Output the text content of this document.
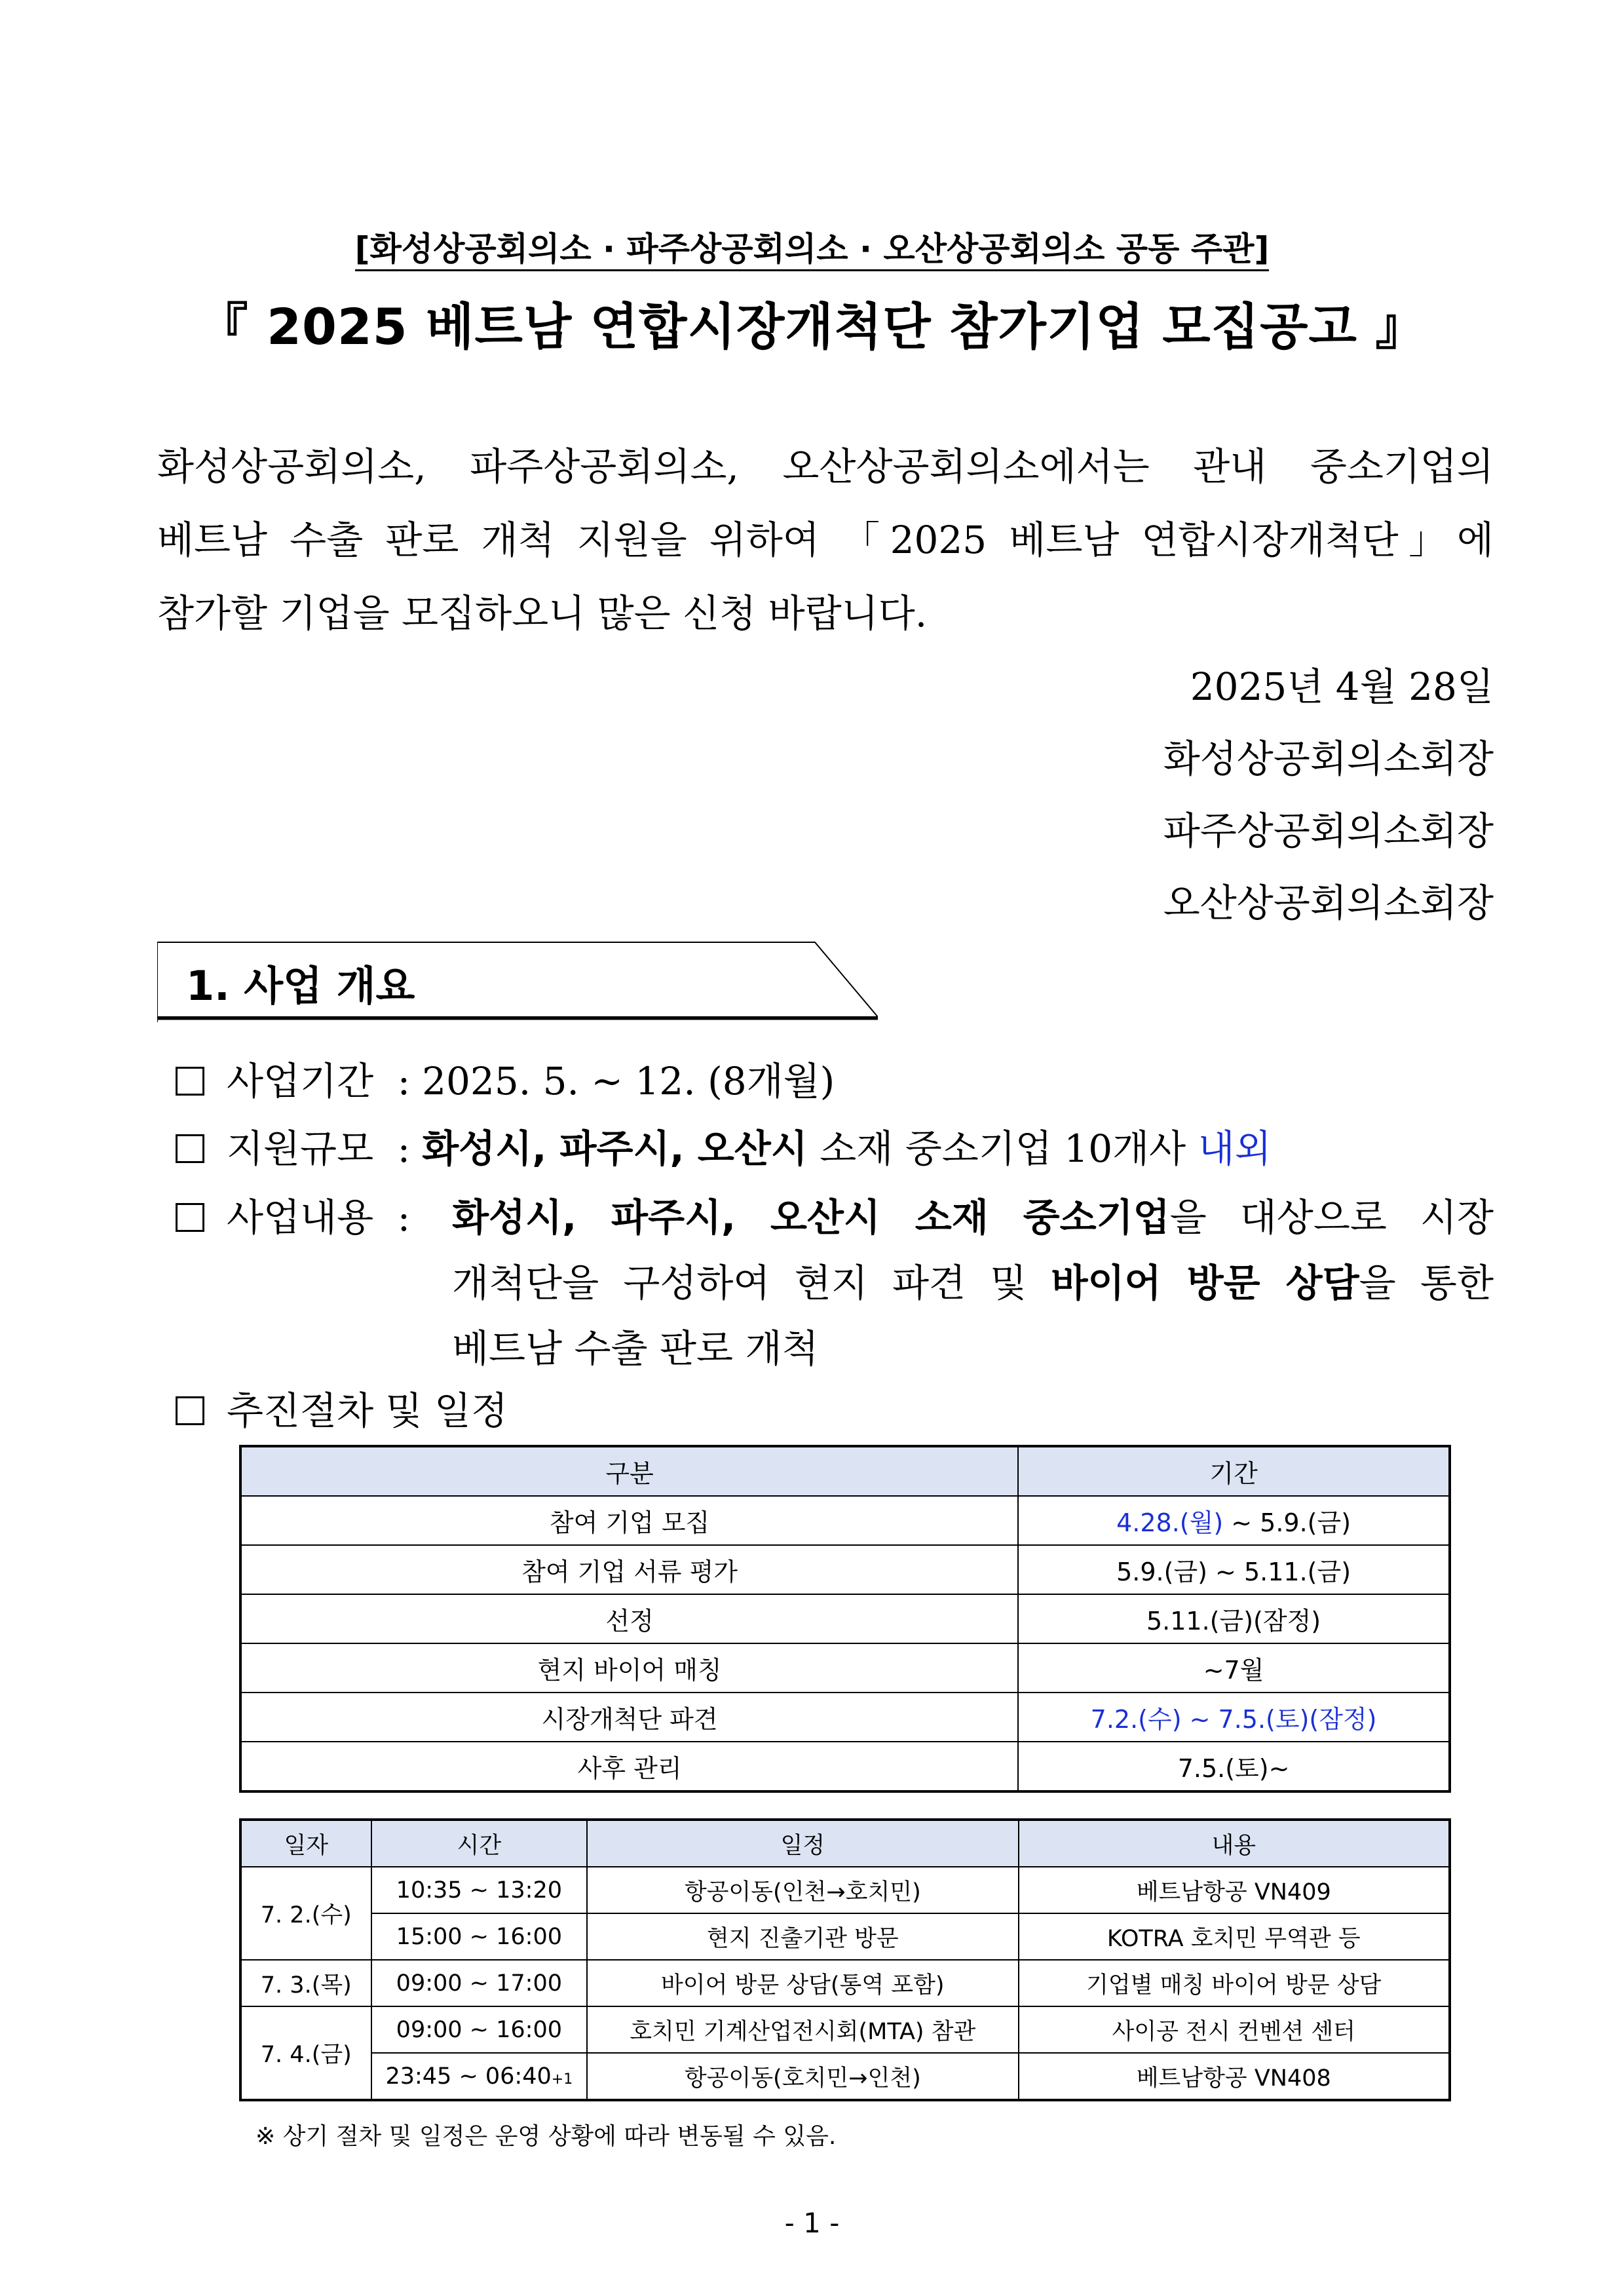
[화성상공회의소 · 파주상공회의소 · 오산상공회의소 공동 주관]
『 2025 베트남 연합시장개척단 참가기업 모집공고 』

화성상공회의소, 파주상공회의소, 오산상공회의소에서는 관내 중소기업의

베트남 수출 판로 개척 지원을 위하여 「2025 베트남 연합시장개척단」에

참가할 기업을 모집하오니 많은 신청 바랍니다.

2025년 4월 28일
화성상공회의소회장
파주상공회의소회장
오산상공회의소회장
1. 사업 개요
사업기간 : 2025. 5. ~ 12. (8개월)
지원규모 : 화성시, 파주시, 오산시 소재 중소기업 10개사 내외
사업내용 :	화성시, 파주시, 오산시 소재 중소기업을 대상으로 시장

개척단을 구성하여 현지 파견 및 바이어 방문 상담을 통한

베트남 수출 판로 개척

추진절차 및 일정
구분	기간
참여 기업 모집	4.28.(월) ~ 5.9.(금)
참여 기업 서류 평가	5.9.(금) ~ 5.11.(금)
선정	5.11.(금)(잠정)
현지 바이어 매칭	~7월
시장개척단 파견	7.2.(수) ~ 7.5.(토)(잠정)
사후 관리	7.5.(토)~
일자	시간	일정	내용
7. 2.(수)	10:35 ~ 13:20	항공이동(인천→호치민)	베트남항공 VN409
	15:00 ~ 16:00	현지 진출기관 방문	KOTRA 호치민 무역관 등
7. 3.(목)	09:00 ~ 17:00	바이어 방문 상담(통역 포함)	기업별 매칭 바이어 방문 상담
7. 4.(금)	09:00 ~ 16:00	호치민 기계산업전시회(MTA) 참관	사이공 전시 컨벤션 센터
	23:45 ~ 06:40+1	항공이동(호치민→인천)	베트남항공 VN408
※ 상기 절차 및 일정은 운영 상황에 따라 변동될 수 있음.
- 1 -
